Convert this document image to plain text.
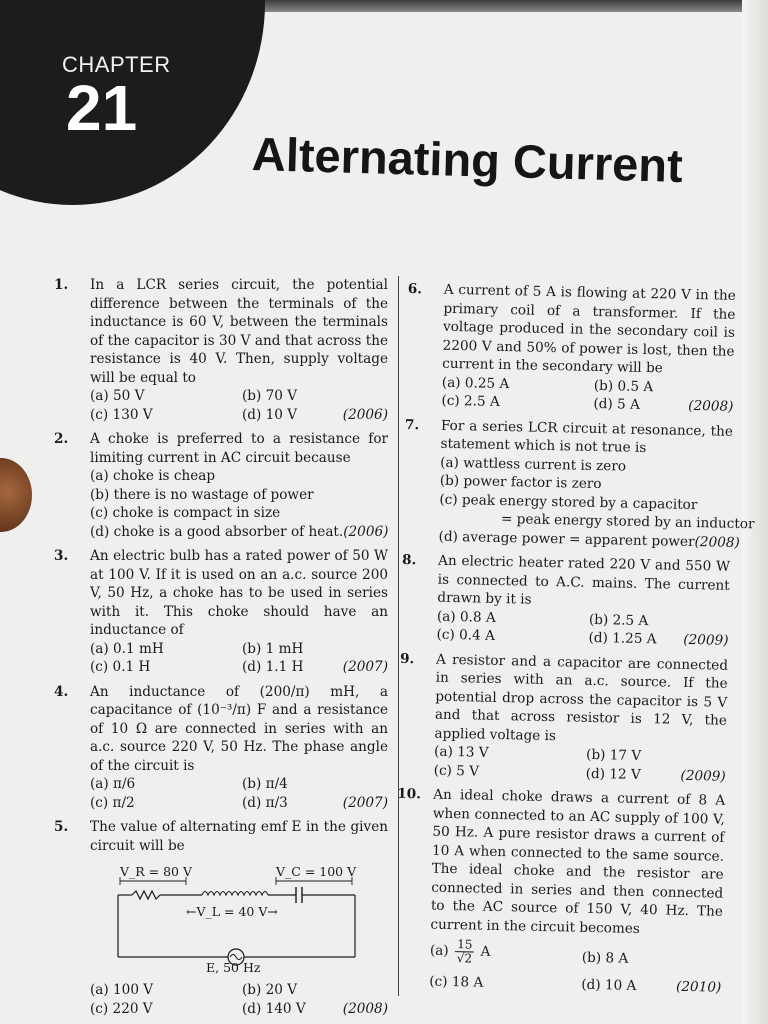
CHAPTER
21
Alternating Current
1. In a LCR series circuit, the potential difference between the terminals of the inductance is 60 V, between the terminals of the capacitor is 30 V and that across the resistance is 40 V. Then, supply voltage will be equal to
(a) 50 V	(b) 70 V
(c) 130 V	(d) 10 V	(2006)
2. A choke is preferred to a resistance for limiting current in AC circuit because
(a) choke is cheap
(b) there is no wastage of power
(c) choke is compact in size
(d) choke is a good absorber of heat. (2006)
3. An electric bulb has a rated power of 50 W at 100 V. If it is used on an a.c. source 200 V, 50 Hz, a choke has to be used in series with it. This choke should have an inductance of
(a) 0.1 mH	(b) 1 mH
(c) 0.1 H	(d) 1.1 H	(2007)
4. An inductance of (200/π) mH, a capacitance of (10⁻³/π) F and a resistance of 10 Ω are connected in series with an a.c. source 220 V, 50 Hz. The phase angle of the circuit is
(a) π/6	(b) π/4
(c) π/2	(d) π/3	(2007)
5. The value of alternating emf E in the given circuit will be
V_R = 80 V	V_C = 100 V
←V_L = 40 V→
E, 50 Hz
(a) 100 V	(b) 20 V
(c) 220 V	(d) 140 V	(2008)
6. A current of 5 A is flowing at 220 V in the primary coil of a transformer. If the voltage produced in the secondary coil is 2200 V and 50% of power is lost, then the current in the secondary will be
(a) 0.25 A	(b) 0.5 A
(c) 2.5 A	(d) 5 A	(2008)
7. For a series LCR circuit at resonance, the statement which is not true is
(a) wattless current is zero
(b) power factor is zero
(c) peak energy stored by a capacitor
= peak energy stored by an inductor
(d) average power = apparent power (2008)
8. An electric heater rated 220 V and 550 W is connected to A.C. mains. The current drawn by it is
(a) 0.8 A	(b) 2.5 A
(c) 0.4 A	(d) 1.25 A (2009)
9. A resistor and a capacitor are connected in series with an a.c. source. If the potential drop across the capacitor is 5 V and that across resistor is 12 V, the applied voltage is
(a) 13 V	(b) 17 V
(c) 5 V	(d) 12 V	(2009)
10. An ideal choke draws a current of 8 A when connected to an AC supply of 100 V, 50 Hz. A pure resistor draws a current of 10 A when connected to the same source. The ideal choke and the resistor are connected in series and then connected to the AC source of 150 V, 40 Hz. The current in the circuit becomes
$(a) \frac{15}{√2}$ A	(b) 8 A
(c) 18 A	(d) 10 A	(2010)
